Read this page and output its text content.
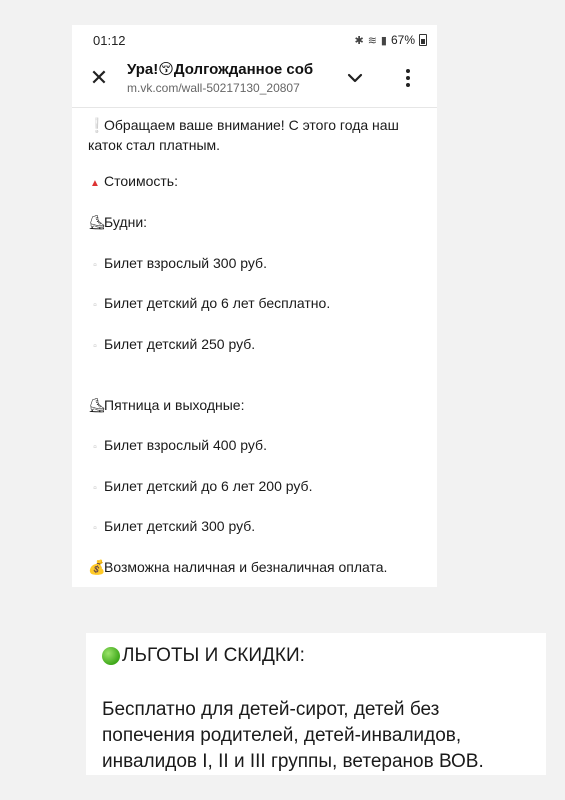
01:12	✱ ≋ ▮ 67%
✕ Ура!😚Долгожданное соб
m.vk.com/wall-50217130_20807
❕Обращаем ваше внимание! С этого года наш каток стал платным.
▲ Стоимость:
⛸Будни:
▫ Билет взрослый 300 руб.
▫ Билет детский до 6 лет бесплатно.
▫ Билет детский 250 руб.
⛸Пятница и выходные:
▫ Билет взрослый 400 руб.
▫ Билет детский до 6 лет 200 руб.
▫ Билет детский 300 руб.
💰Возможна наличная и безналичная оплата.
ЛЬГОТЫ И СКИДКИ:
Бесплатно для детей-сирот, детей без попечения родителей, детей-инвалидов, инвалидов I, II и III группы, ветеранов ВОВ.
